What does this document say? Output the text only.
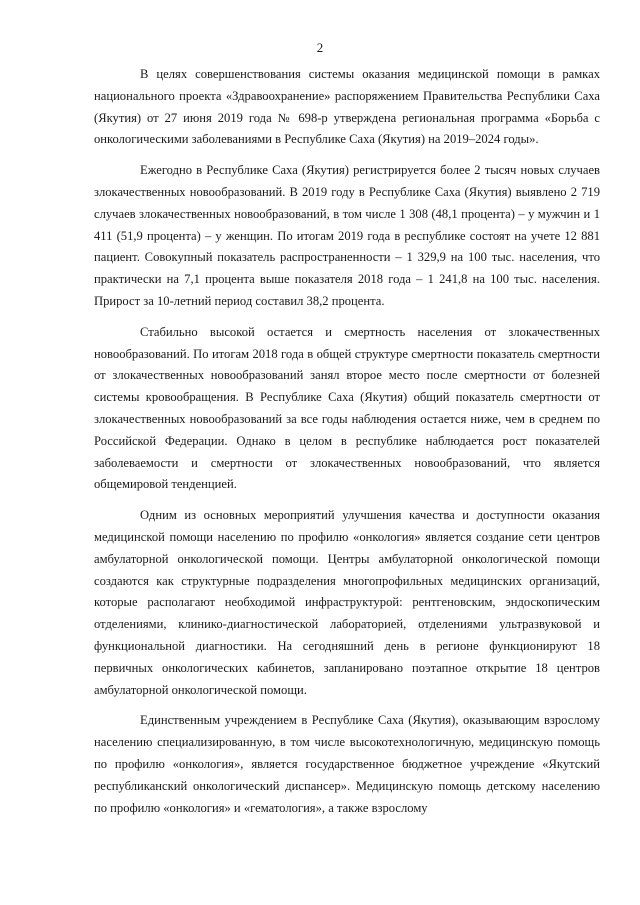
2

В целях совершенствования системы оказания медицинской помощи в рамках национального проекта «Здравоохранение» распоряжением Правительства Республики Саха (Якутия) от 27 июня 2019 года № 698-р утверждена региональная программа «Борьба с онкологическими заболеваниями в Республике Саха (Якутия) на 2019–2024 годы».

Ежегодно в Республике Саха (Якутия) регистрируется более 2 тысяч новых случаев злокачественных новообразований. В 2019 году в Республике Саха (Якутия) выявлено 2 719 случаев злокачественных новообразований, в том числе 1 308 (48,1 процента) – у мужчин и 1 411 (51,9 процента) – у женщин. По итогам 2019 года в республике состоят на учете 12 881 пациент. Совокупный показатель распространенности – 1 329,9 на 100 тыс. населения, что практически на 7,1 процента выше показателя 2018 года – 1 241,8 на 100 тыс. населения. Прирост за 10-летний период составил 38,2 процента.

Стабильно высокой остается и смертность населения от злокачественных новообразований. По итогам 2018 года в общей структуре смертности показатель смертности от злокачественных новообразований занял второе место после смертности от болезней системы кровообращения. В Республике Саха (Якутия) общий показатель смертности от злокачественных новообразований за все годы наблюдения остается ниже, чем в среднем по Российской Федерации. Однако в целом в республике наблюдается рост показателей заболеваемости и смертности от злокачественных новообразований, что является общемировой тенденцией.

Одним из основных мероприятий улучшения качества и доступности оказания медицинской помощи населению по профилю «онкология» является создание сети центров амбулаторной онкологической помощи. Центры амбулаторной онкологической помощи создаются как структурные подразделения многопрофильных медицинских организаций, которые располагают необходимой инфраструктурой: рентгеновским, эндоскопическим отделениями, клинико-диагностической лабораторией, отделениями ультразвуковой и функциональной диагностики. На сегодняшний день в регионе функционируют 18 первичных онкологических кабинетов, запланировано поэтапное открытие 18 центров амбулаторной онкологической помощи.

Единственным учреждением в Республике Саха (Якутия), оказывающим взрослому населению специализированную, в том числе высокотехнологичную, медицинскую помощь по профилю «онкология», является государственное бюджетное учреждение «Якутский республиканский онкологический диспансер». Медицинскую помощь детскому населению по профилю «онкология» и «гематология», а также взрослому
